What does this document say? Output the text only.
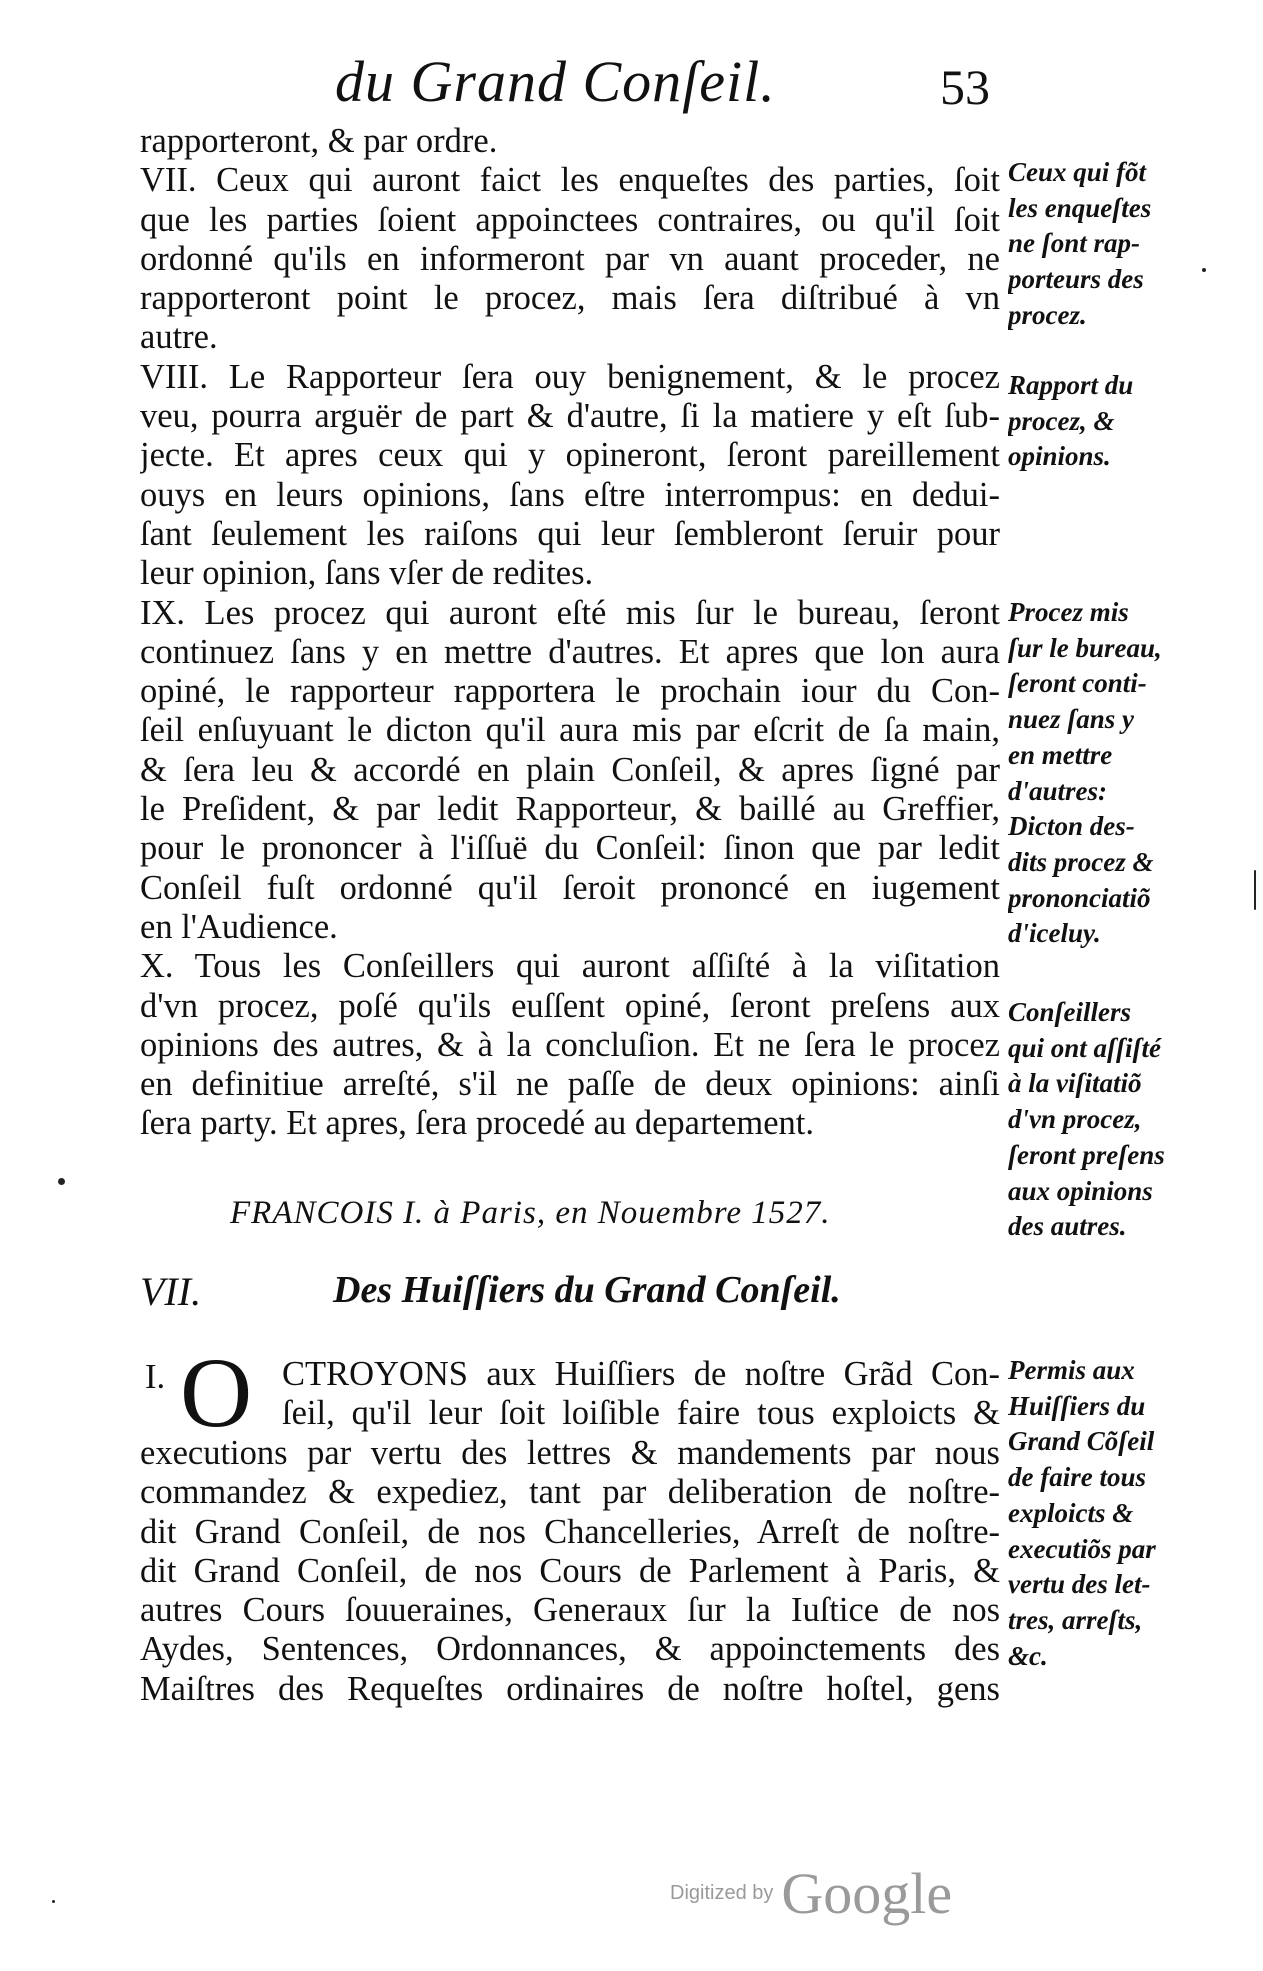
du Grand Conſeil.	53
rapporteront, & par ordre.
VII. Ceux qui auront faict les enqueſtes des parties, ſoit
que les parties ſoient appoinctees contraires, ou qu'il ſoit
ordonné qu'ils en informeront par vn auant proceder, ne
rapporteront point le procez, mais ſera diſtribué à vn
autre.
VIII. Le Rapporteur ſera ouy benignement, & le procez
veu, pourra arguër de part & d'autre, ſi la matiere y eſt ſub-
jecte. Et apres ceux qui y opineront, ſeront pareillement
ouys en leurs opinions, ſans eſtre interrompus: en dedui-
ſant ſeulement les raiſons qui leur ſembleront ſeruir pour
leur opinion, ſans vſer de redites.
IX. Les procez qui auront eſté mis ſur le bureau, ſeront
continuez ſans y en mettre d'autres. Et apres que lon aura
opiné, le rapporteur rapportera le prochain iour du Con-
ſeil enſuyuant le dicton qu'il aura mis par eſcrit de ſa main,
& ſera leu & accordé en plain Conſeil, & apres ſigné par
le Preſident, & par ledit Rapporteur, & baillé au Greffier,
pour le prononcer à l'iſſuë du Conſeil: ſinon que par ledit
Conſeil fuſt ordonné qu'il ſeroit prononcé en iugement
en l'Audience.
X. Tous les Conſeillers qui auront aſſiſté à la viſitation
d'vn procez, poſé qu'ils euſſent opiné, ſeront preſens aux
opinions des autres, & à la concluſion. Et ne ſera le procez
en definitiue arreſté, s'il ne paſſe de deux opinions: ainſi
ſera party. Et apres, ſera procedé au departement.
Ceux qui fõt
les enqueſtes
ne ſont rap-
porteurs des
procez.
Rapport du
procez, &
opinions.
Procez mis
ſur le bureau,
ſeront conti-
nuez ſans y
en mettre
d'autres:
Dicton des-
dits procez &
prononciatiõ
d'iceluy.
Conſeillers
qui ont aſſiſté
à la viſitatiõ
d'vn procez,
ſeront preſens
aux opinions
des autres.
FRANCOIS I. à Paris, en Nouembre 1527.
VII.	Des Huiſſiers du Grand Conſeil.
I. O CTROYONS aux Huiſſiers de noſtre Grãd Con-
ſeil, qu'il leur ſoit loiſible faire tous exploicts &
executions par vertu des lettres & mandements par nous
commandez & expediez, tant par deliberation de noſtre-
dit Grand Conſeil, de nos Chancelleries, Arreſt de noſtre-
dit Grand Conſeil, de nos Cours de Parlement à Paris, &
autres Cours ſouueraines, Generaux ſur la Iuſtice de nos
Aydes, Sentences, Ordonnances, & appoinctements des
Maiſtres des Requeſtes ordinaires de noſtre hoſtel, gens
Permis aux
Huiſſiers du
Grand Cõſeil
de faire tous
exploicts &
executiõs par
vertu des let-
tres, arreſts,
&c.
Digitized by Google
